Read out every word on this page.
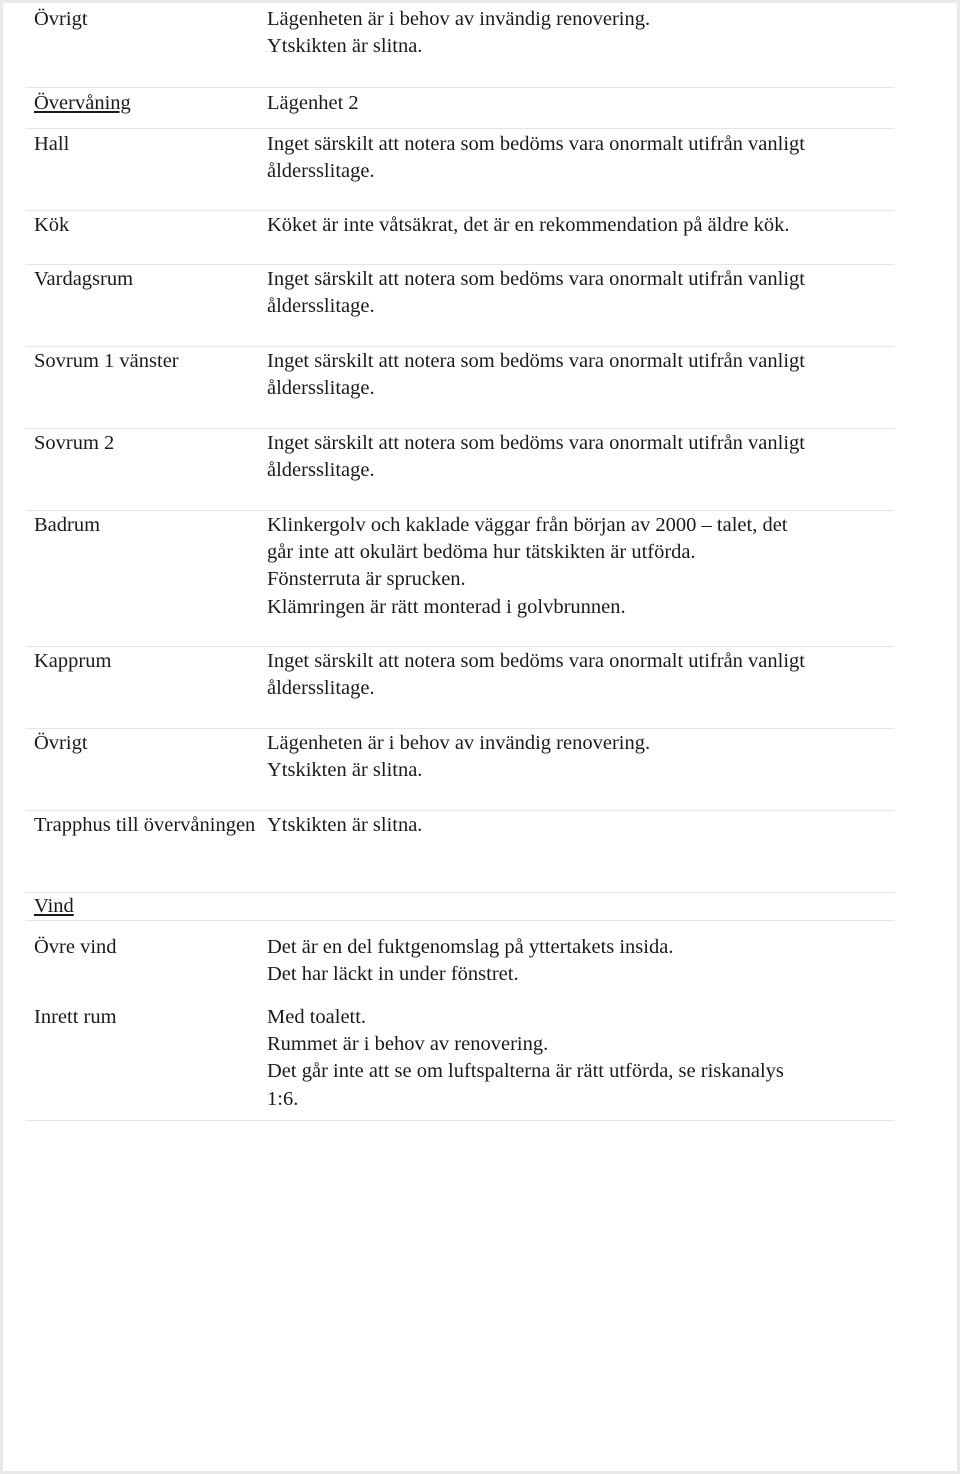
Övrigt	Lägenheten är i behov av invändig renovering.
Ytskikten är slitna.
Övervåning	Lägenhet 2
Hall	Inget särskilt att notera som bedöms vara onormalt utifrån vanligt
åldersslitage.
Kök	Köket är inte våtsäkrat, det är en rekommendation på äldre kök.
Vardagsrum	Inget särskilt att notera som bedöms vara onormalt utifrån vanligt
åldersslitage.
Sovrum 1 vänster	Inget särskilt att notera som bedöms vara onormalt utifrån vanligt
åldersslitage.
Sovrum 2	Inget särskilt att notera som bedöms vara onormalt utifrån vanligt
åldersslitage.
Badrum	Klinkergolv och kaklade väggar från början av 2000 – talet, det
går inte att okulärt bedöma hur tätskikten är utförda.
Fönsterruta är sprucken.
Klämringen är rätt monterad i golvbrunnen.
Kapprum	Inget särskilt att notera som bedöms vara onormalt utifrån vanligt
åldersslitage.
Övrigt	Lägenheten är i behov av invändig renovering.
Ytskikten är slitna.
Trapphus till övervåningen Ytskikten är slitna.
Vind
Övre vind	Det är en del fuktgenomslag på yttertakets insida.
Det har läckt in under fönstret.
Inrett rum	Med toalett.
Rummet är i behov av renovering.
Det går inte att se om luftspalterna är rätt utförda, se riskanalys
1:6.
